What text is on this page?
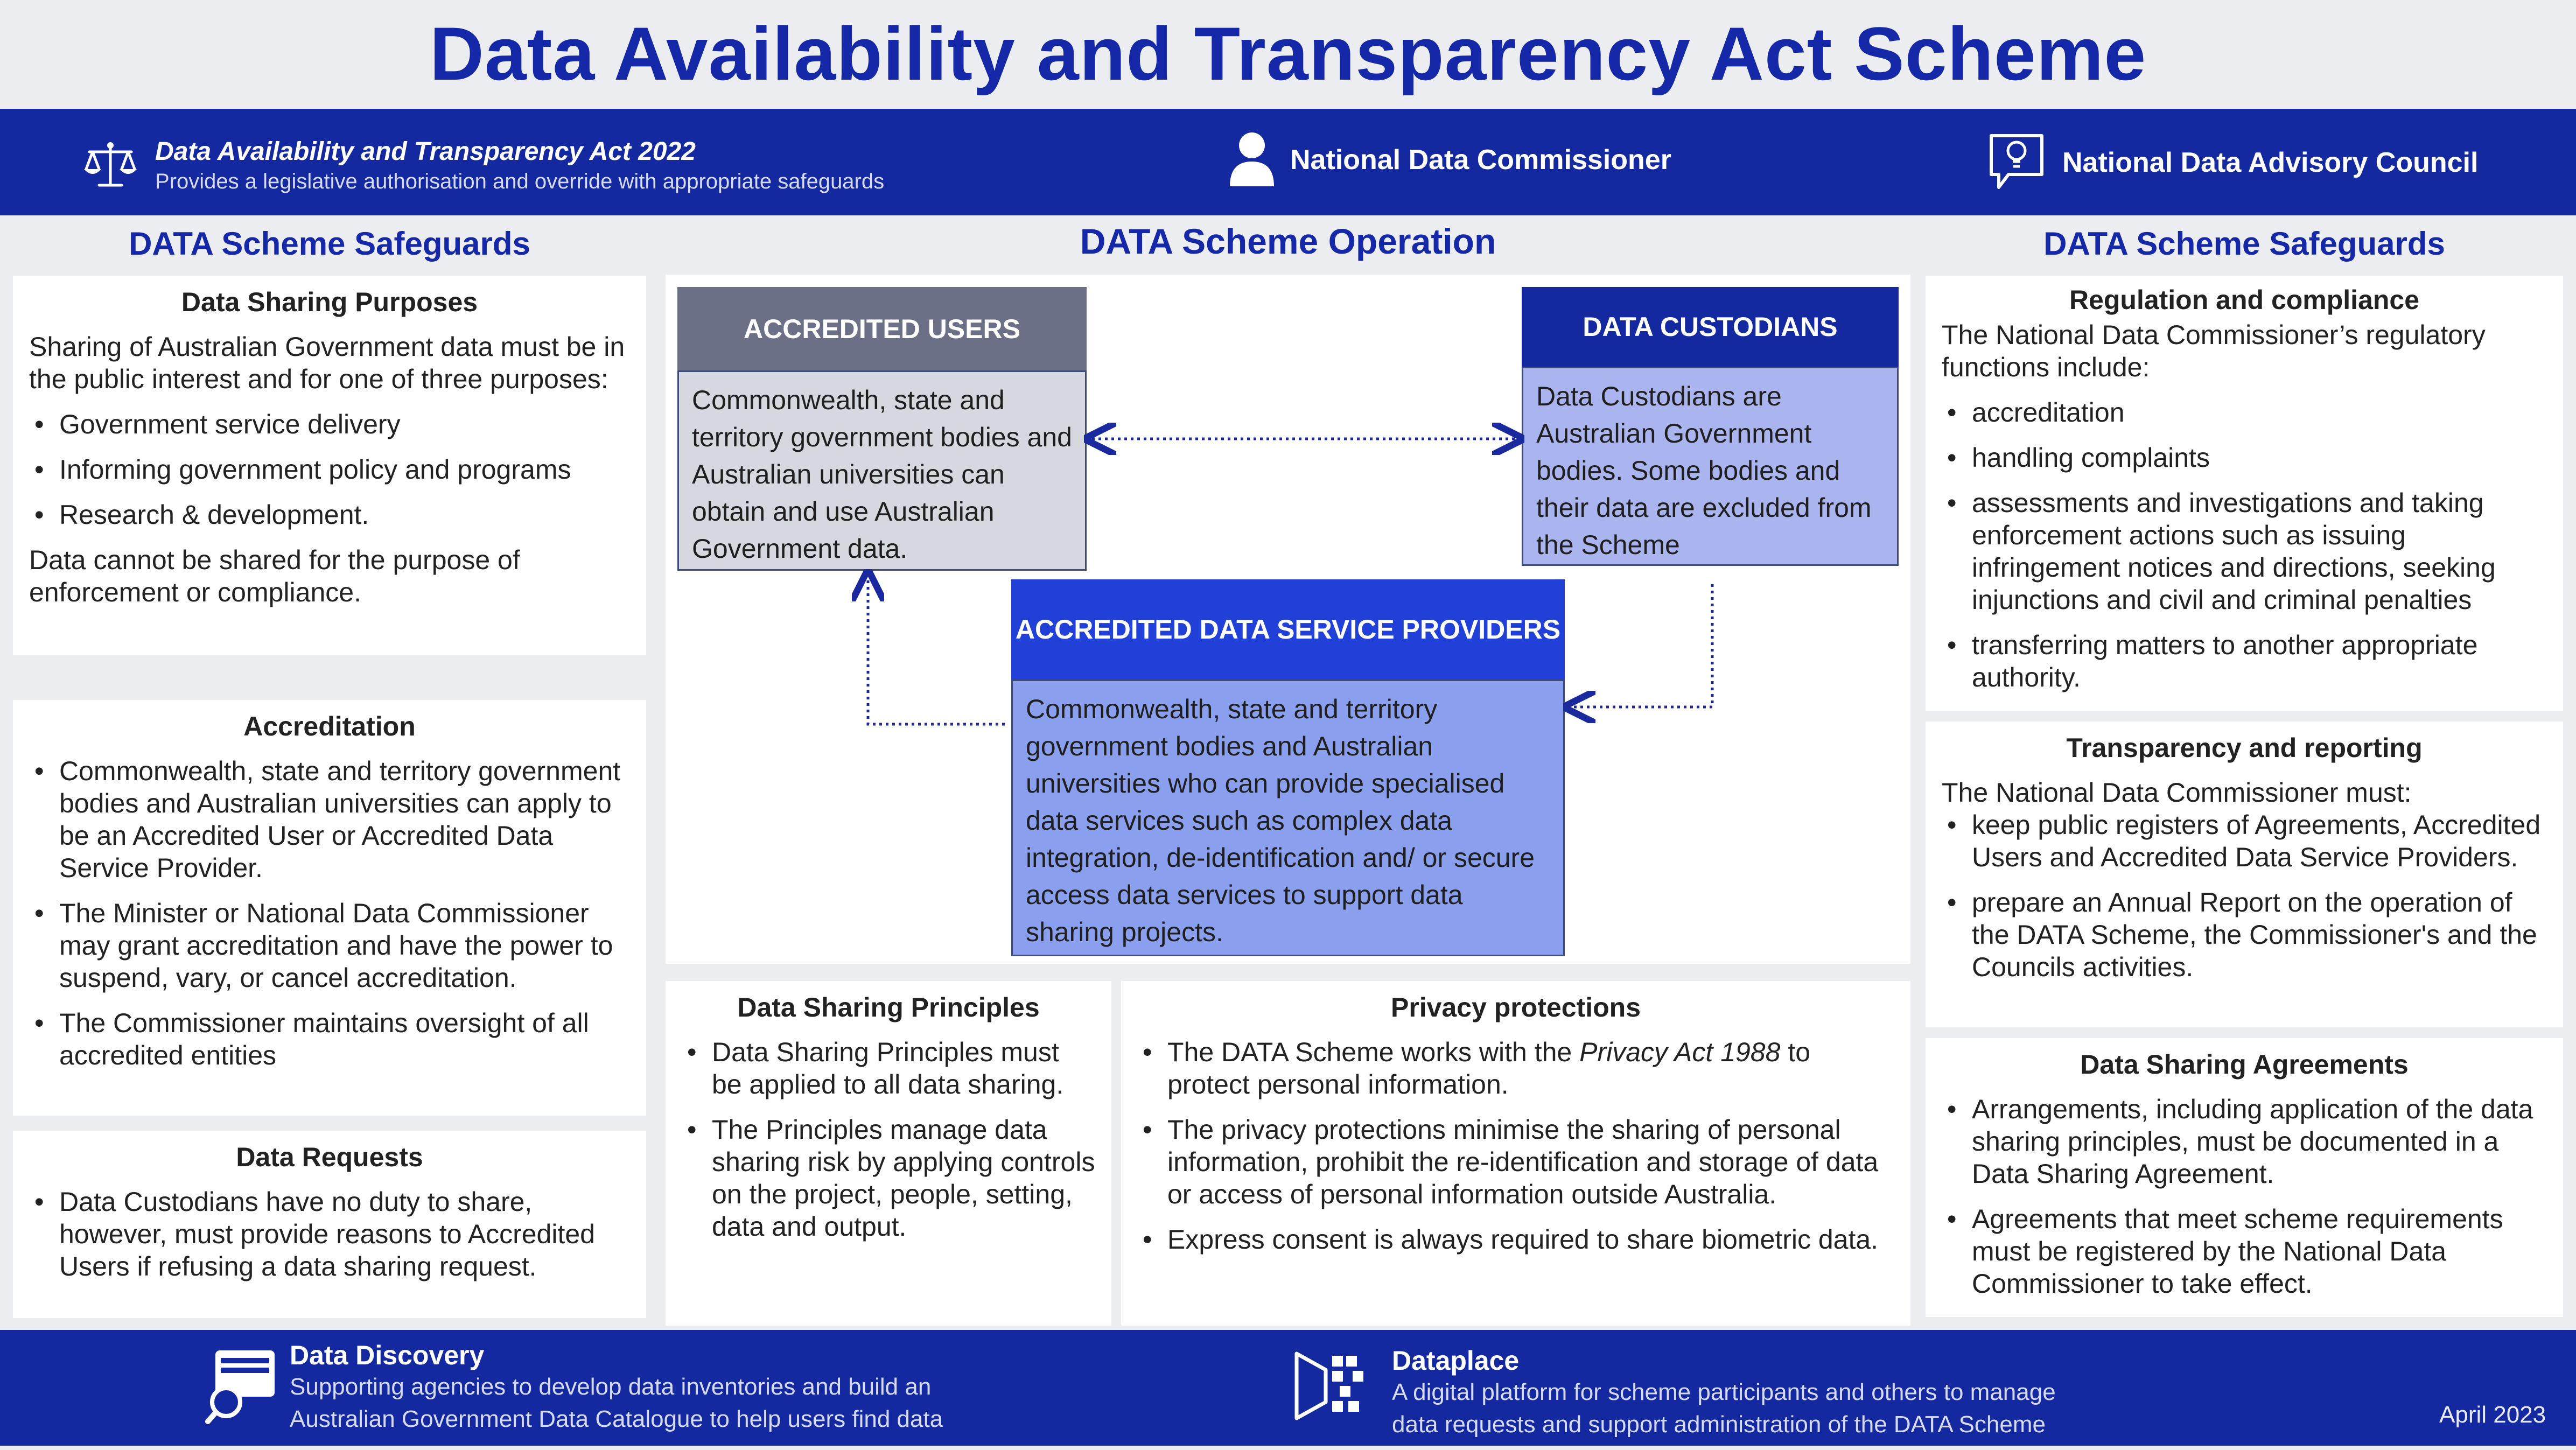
Data Availability and Transparency Act Scheme
Data Availability and Transparency Act 2022
Provides a legislative authorisation and override with appropriate safeguards
National Data Commissioner	National Data Advisory Council
DATA Scheme Safeguards
Data Sharing Purposes

Sharing of Australian Government data must be in the public interest and for one of three purposes:

• Government service delivery
• Informing government policy and programs
• Research & development.

Data cannot be shared for the purpose of enforcement or compliance.

Accreditation
• Commonwealth, state and territory government bodies and Australian universities can apply to be an Accredited User or Accredited Data Service Provider.
• The Minister or National Data Commissioner may grant accreditation and have the power to suspend, vary, or cancel accreditation.
• The Commissioner maintains oversight of all accredited entities
Data Requests
• Data Custodians have no duty to share, however, must provide reasons to Accredited Users if refusing a data sharing request.
DATA Scheme Operation
ACCREDITED USERS
Commonwealth, state and territory government bodies and Australian universities can obtain and use Australian Government data.
DATA CUSTODIANS
Data Custodians are Australian Government bodies. Some bodies and their data are excluded from the Scheme
ACCREDITED DATA SERVICE PROVIDERS
Commonwealth, state and territory government bodies and Australian universities who can provide specialised data services such as complex data integration, de-identification and/ or secure access data services to support data sharing projects.
Data Sharing Principles
• Data Sharing Principles must be applied to all data sharing.
• The Principles manage data sharing risk by applying controls on the project, people, setting, data and output.
Privacy protections
• The DATA Scheme works with the Privacy Act 1988 to protect personal information.
• The privacy protections minimise the sharing of personal information, prohibit the re-identification and storage of data or access of personal information outside Australia.
• Express consent is always required to share biometric data.
DATA Scheme Safeguards
Regulation and compliance

The National Data Commissioner’s regulatory functions include:

• accreditation
• handling complaints
• assessments and investigations and taking enforcement actions such as issuing infringement notices and directions, seeking injunctions and civil and criminal penalties
• transferring matters to another appropriate authority.
Transparency and reporting

The National Data Commissioner must:

• keep public registers of Agreements, Accredited Users and Accredited Data Service Providers.
• prepare an Annual Report on the operation of the DATA Scheme, the Commissioner's and the Councils activities.
Data Sharing Agreements
• Arrangements, including application of the data sharing principles, must be documented in a Data Sharing Agreement.
• Agreements that meet scheme requirements must be registered by the National Data Commissioner to take effect.
Data Discovery
Supporting agencies to develop data inventories and build an
Australian Government Data Catalogue to help users find data
Dataplace
A digital platform for scheme participants and others to manage
data requests and support administration of the DATA Scheme	April 2023
